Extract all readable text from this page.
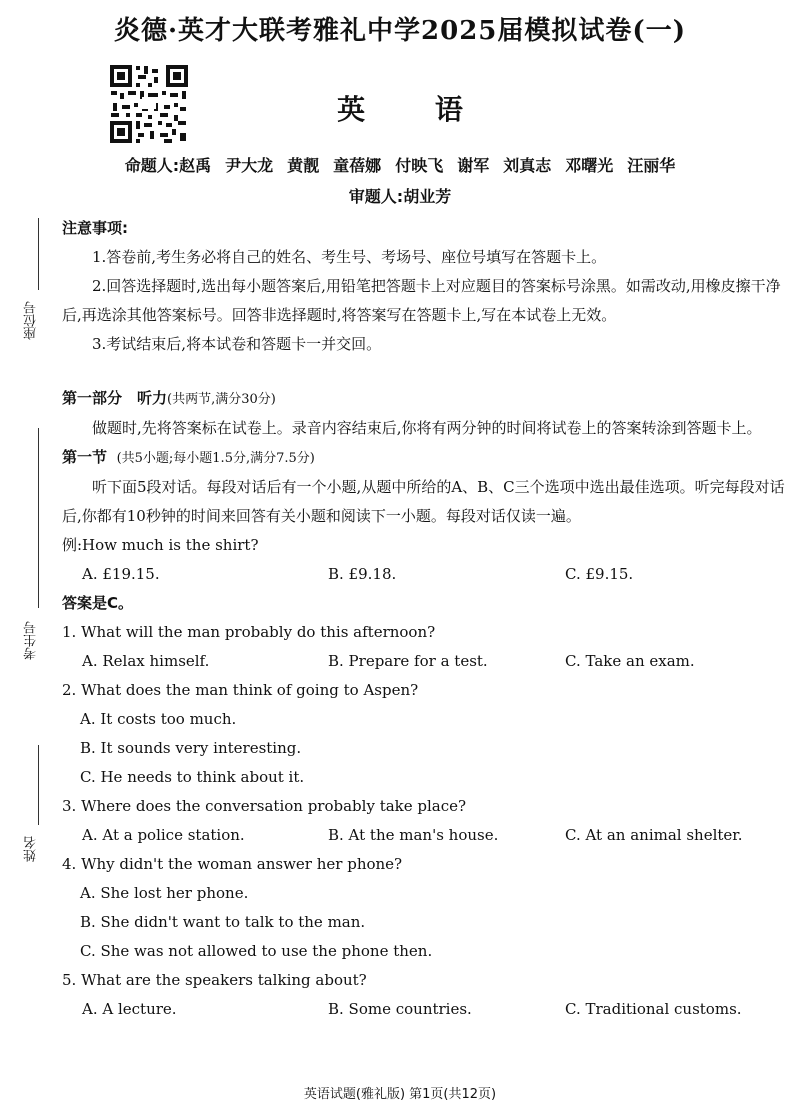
炎德·英才大联考雅礼中学2025届模拟试卷(一)
英 语
命题人:赵禹 尹大龙 黄靓 童蓓娜 付映飞 谢军 刘真志 邓曙光 汪丽华
审题人:胡业芳
座位号
考生号
姓名

注意事项:

1.答卷前,考生务必将自己的姓名、考生号、考场号、座位号填写在答题卡上。

2.回答选择题时,选出每小题答案后,用铅笔把答题卡上对应题目的答案标号涂黑。如需改动,用橡皮擦干净后,再选涂其他答案标号。回答非选择题时,将答案写在答题卡上,写在本试卷上无效。

3.考试结束后,将本试卷和答题卡一并交回。

第一部分　听力(共两节,满分30分)

做题时,先将答案标在试卷上。录音内容结束后,你将有两分钟的时间将试卷上的答案转涂到答题卡上。

第一节 (共5小题;每小题1.5分,满分7.5分)

听下面5段对话。每段对话后有一个小题,从题中所给的A、B、C三个选项中选出最佳选项。听完每段对话后,你都有10秒钟的时间来回答有关小题和阅读下一小题。每段对话仅读一遍。

例:How much is the shirt?

A. £19.15.	B. £9.18.	C. £9.15.

答案是C。

1. What will the man probably do this afternoon?

A. Relax himself.	B. Prepare for a test.	C. Take an exam.

2. What does the man think of going to Aspen?

A. It costs too much.

B. It sounds very interesting.

C. He needs to think about it.

3. Where does the conversation probably take place?

A. At a police station.	B. At the man's house.	C. At an animal shelter.

4. Why didn't the woman answer her phone?

A. She lost her phone.

B. She didn't want to talk to the man.

C. She was not allowed to use the phone then.

5. What are the speakers talking about?

A. A lecture.	B. Some countries.	C. Traditional customs.
英语试题(雅礼版) 第1页(共12页)
